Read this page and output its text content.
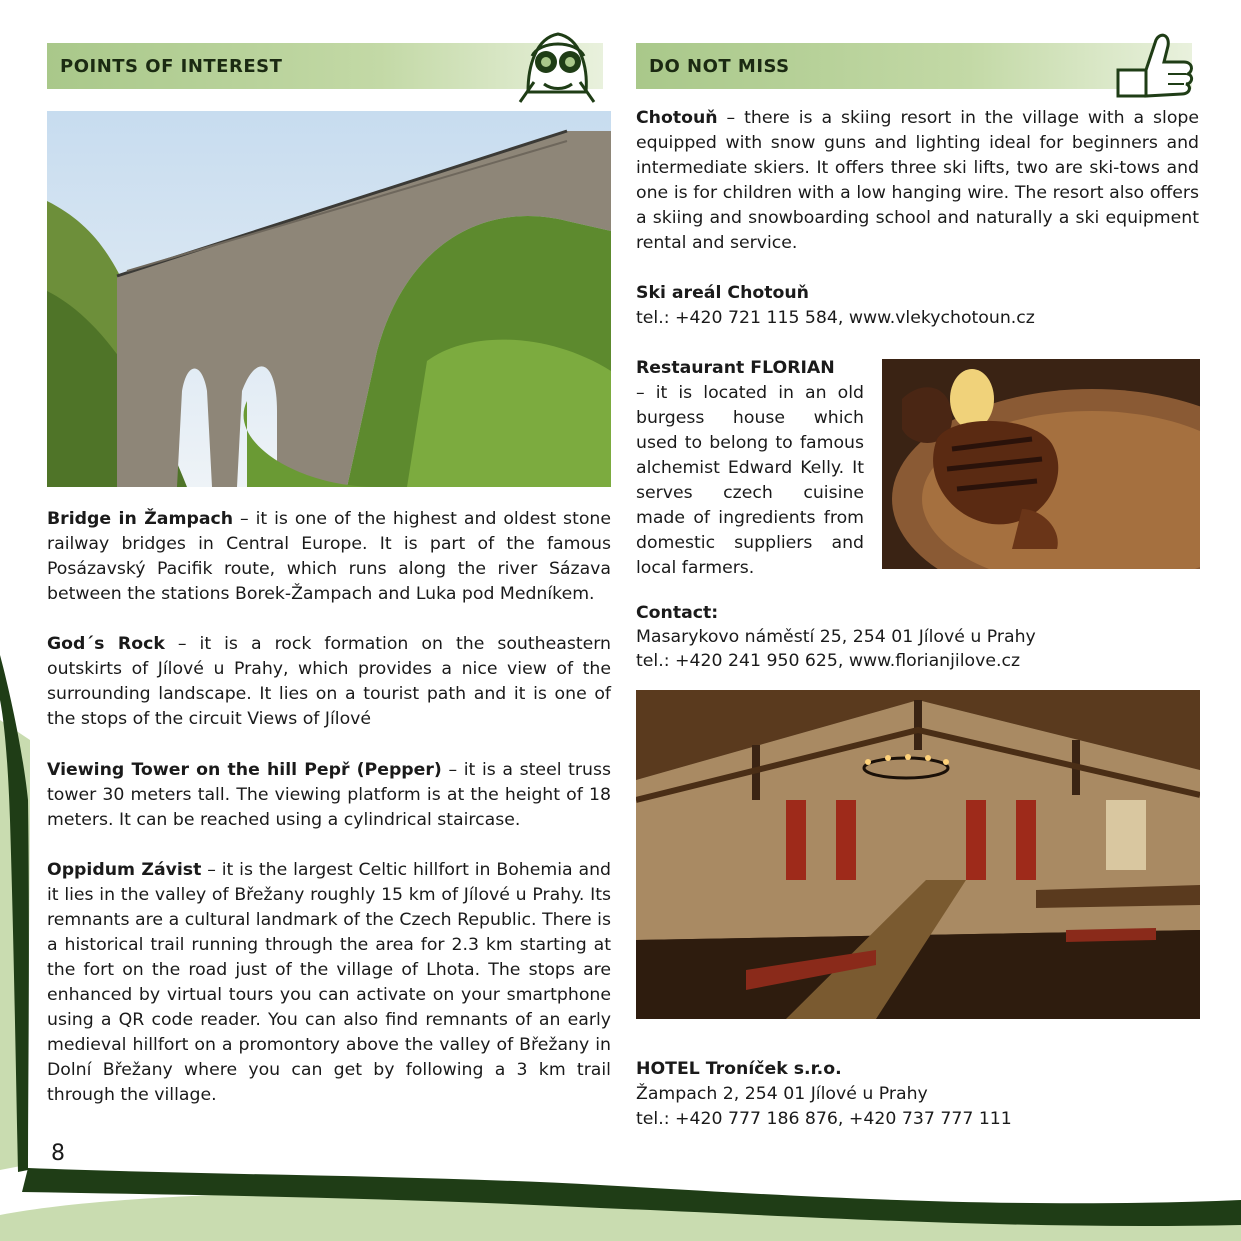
POINTS OF INTEREST
Bridge in Žampach – it is one of the highest and oldest stone railway bridges in Central Europe. It is part of the famous Posázavský Pacifik route, which runs along the river Sázava between the stations Borek-Žampach and Luka pod Medníkem.
God´s Rock – it is a rock formation on the southeastern outskirts of Jílové u Prahy, which provides a nice view of the surrounding landscape. It lies on a tourist path and it is one of the stops of the circuit Views of Jílové
Viewing Tower on the hill Pepř (Pepper) – it is a steel truss tower 30 meters tall. The viewing platform is at the height of 18 meters. It can be reached using a cylindrical staircase.
Oppidum Závist – it is the largest Celtic hillfort in Bohemia and it lies in the valley of Břežany roughly 15 km of Jílové u Prahy. Its remnants are a cultural landmark of the Czech Republic. There is a historical trail running through the area for 2.3 km starting at the fort on the road just of the village of Lhota. The stops are enhanced by virtual tours you can activate on your smartphone using a QR code reader. You can also find remnants of an early medieval hillfort on a promontory above the valley of Břežany in Dolní Břežany where you can get by following a 3 km trail through the village.
8
DO NOT MISS
Chotouň – there is a skiing resort in the village with a slope equipped with snow guns and lighting ideal for beginners and intermediate skiers. It offers three ski lifts, two are ski-tows and one is for children with a low hanging wire. The resort also offers a skiing and snowboarding school and naturally a ski equipment rental and service.
Ski areál Chotouň
tel.: +420 721 115 584, www.vlekychotoun.cz
Restaurant FLORIAN
– it is located in an old burgess house which used to belong to famous alchemist Edward Kelly. It serves czech cuisine made of ingredients from domestic suppliers and local farmers.
Contact:
Masarykovo náměstí 25, 254 01 Jílové u Prahy
tel.: +420 241 950 625, www.florianjilove.cz
HOTEL Troníček s.r.o.
Žampach 2, 254 01 Jílové u Prahy
tel.: +420 777 186 876, +420 737 777 111
